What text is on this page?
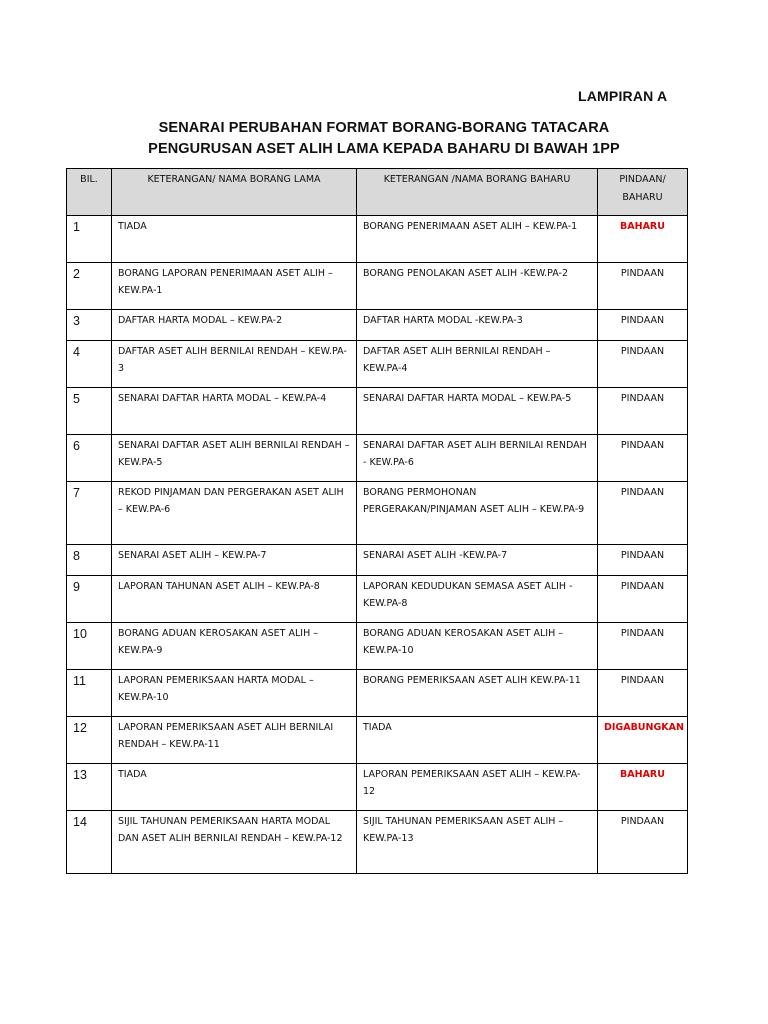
LAMPIRAN A
SENARAI PERUBAHAN FORMAT BORANG-BORANG TATACARA
PENGURUSAN ASET ALIH LAMA KEPADA BAHARU DI BAWAH 1PP
BIL.	KETERANGAN/ NAMA BORANG LAMA	KETERANGAN /NAMA BORANG BAHARU	PINDAAN/ BAHARU
1	TIADA	BORANG PENERIMAAN ASET ALIH – KEW.PA-1	BAHARU
2	BORANG LAPORAN PENERIMAAN ASET ALIH – KEW.PA-1	BORANG PENOLAKAN ASET ALIH -KEW.PA-2	PINDAAN
3	DAFTAR HARTA MODAL – KEW.PA-2	DAFTAR HARTA MODAL -KEW.PA-3	PINDAAN
4	DAFTAR ASET ALIH BERNILAI RENDAH – KEW.PA-3	DAFTAR ASET ALIH BERNILAI RENDAH – KEW.PA-4	PINDAAN
5	SENARAI DAFTAR HARTA MODAL – KEW.PA-4	SENARAI DAFTAR HARTA MODAL – KEW.PA-5	PINDAAN
6	SENARAI DAFTAR ASET ALIH BERNILAI RENDAH – KEW.PA-5	SENARAI DAFTAR ASET ALIH BERNILAI RENDAH - KEW.PA-6	PINDAAN
7	REKOD PINJAMAN DAN PERGERAKAN ASET ALIH – KEW.PA-6	BORANG PERMOHONAN PERGERAKAN/PINJAMAN ASET ALIH – KEW.PA-9	PINDAAN
8	SENARAI ASET ALIH – KEW.PA-7	SENARAI ASET ALIH -KEW.PA-7	PINDAAN
9	LAPORAN TAHUNAN ASET ALIH – KEW.PA-8	LAPORAN KEDUDUKAN SEMASA ASET ALIH - KEW.PA-8	PINDAAN
10	BORANG ADUAN KEROSAKAN ASET ALIH – KEW.PA-9	BORANG ADUAN KEROSAKAN ASET ALIH – KEW.PA-10	PINDAAN
11	LAPORAN PEMERIKSAAN HARTA MODAL – KEW.PA-10	BORANG PEMERIKSAAN ASET ALIH KEW.PA-11	PINDAAN
12	LAPORAN PEMERIKSAAN ASET ALIH BERNILAI RENDAH – KEW.PA-11	TIADA	DIGABUNGKAN
13	TIADA	LAPORAN PEMERIKSAAN ASET ALIH – KEW.PA-12	BAHARU
14	SIJIL TAHUNAN PEMERIKSAAN HARTA MODAL DAN ASET ALIH BERNILAI RENDAH – KEW.PA-12	SIJIL TAHUNAN PEMERIKSAAN ASET ALIH – KEW.PA-13	PINDAAN
